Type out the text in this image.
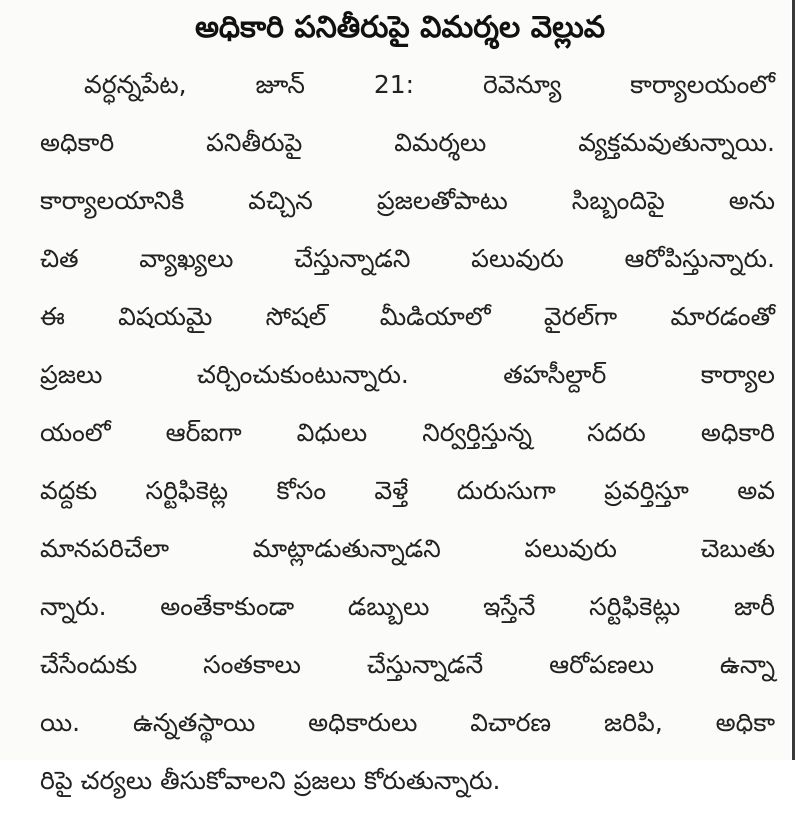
అధికారి పనితీరుపై విమర్శల వెల్లువ
వర్ధన్నపేట, జూన్ 21: రెవెన్యూ కార్యాలయంలో
అధికారి పనితీరుపై విమర్శలు వ్యక్తమవుతున్నాయి.
కార్యాలయానికి వచ్చిన ప్రజలతోపాటు సిబ్బందిపై అను
చిత వ్యాఖ్యలు చేస్తున్నాడని పలువురు ఆరోపిస్తున్నారు.
ఈ విషయమై సోషల్ మీడియాలో వైరల్‌గా మారడంతో
ప్రజలు చర్చించుకుంటున్నారు. తహసీల్దార్ కార్యాల
యంలో ఆర్‌ఐగా విధులు నిర్వర్తిస్తున్న సదరు అధికారి
వద్దకు సర్టిఫికెట్ల కోసం వెళ్తే దురుసుగా ప్రవర్తిస్తూ అవ
మానపరిచేలా మాట్లాడుతున్నాడని పలువురు చెబుతు
న్నారు. అంతేకాకుండా డబ్బులు ఇస్తేనే సర్టిఫికెట్లు జారీ
చేసేందుకు సంతకాలు చేస్తున్నాడనే ఆరోపణలు ఉన్నా
యి. ఉన్నతస్థాయి అధికారులు విచారణ జరిపి, అధికా
రిపై చర్యలు తీసుకోవాలని ప్రజలు కోరుతున్నారు.
